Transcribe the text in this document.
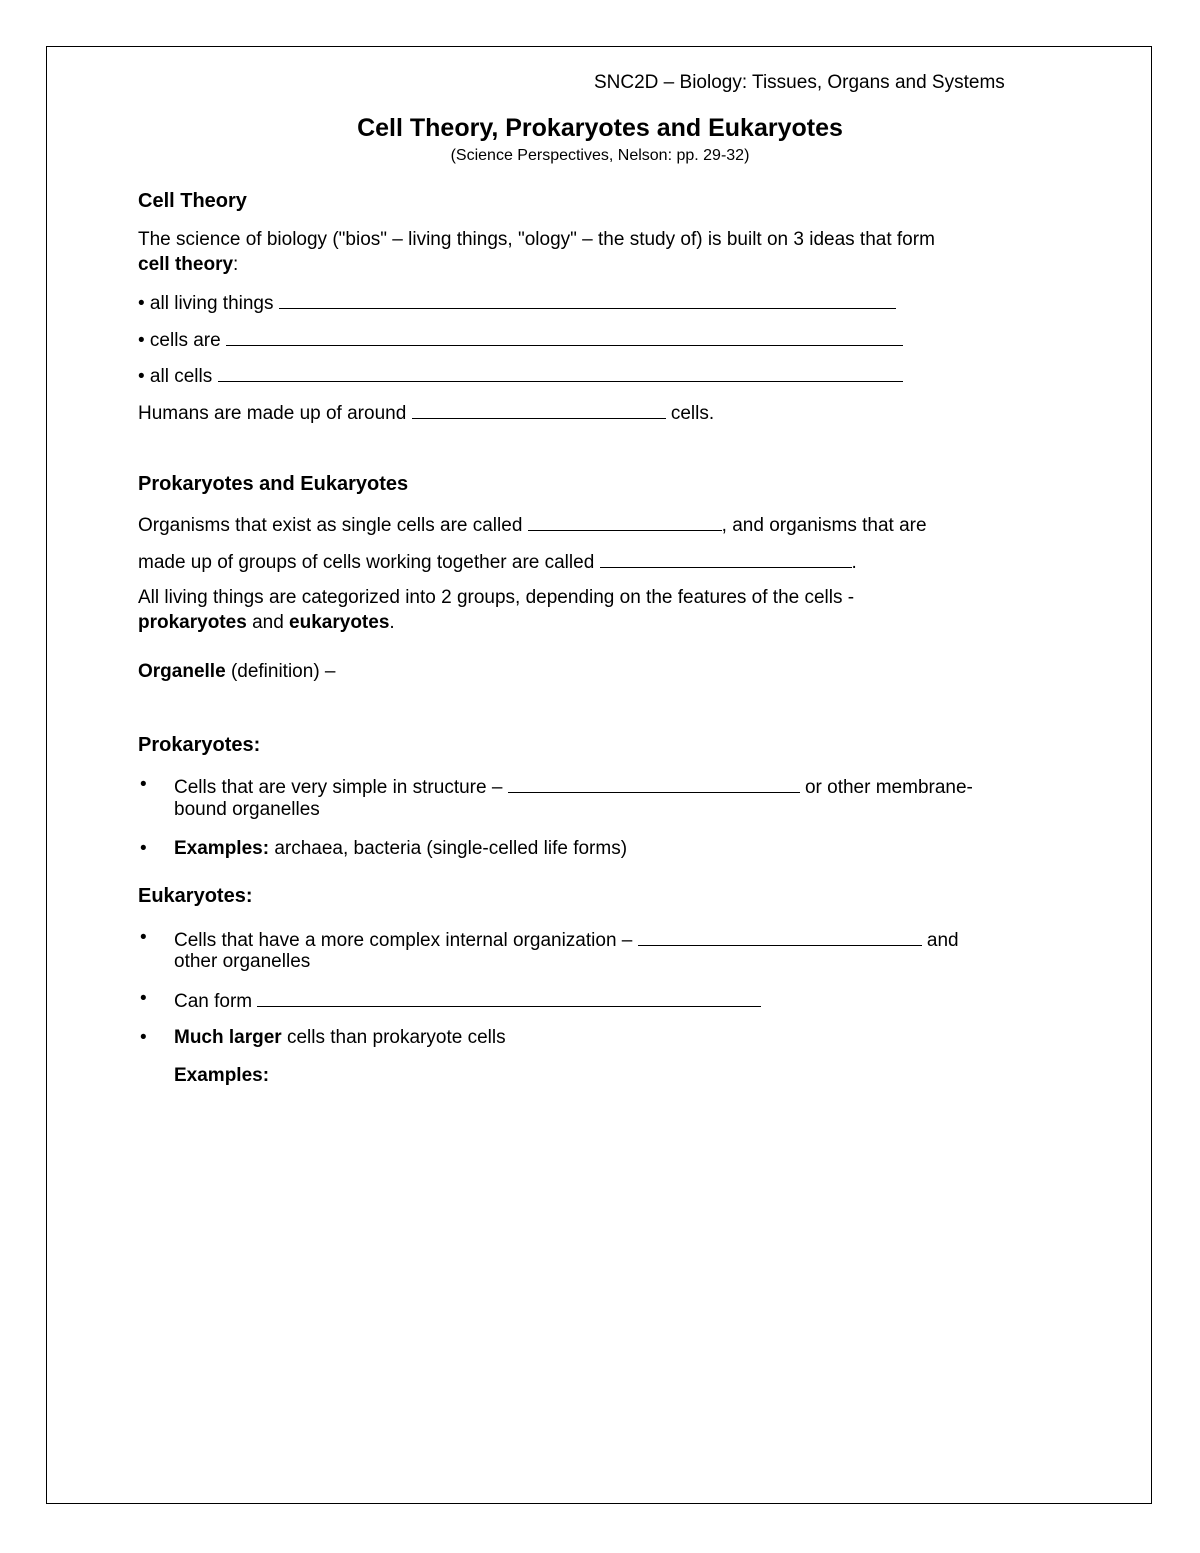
SNC2D – Biology: Tissues, Organs and Systems
Cell Theory, Prokaryotes and Eukaryotes
(Science Perspectives, Nelson: pp. 29-32)
Cell Theory
The science of biology ("bios" – living things, "ology" – the study of) is built on 3 ideas that form
cell theory:
• all living things
• cells are
• all cells
Humans are made up of around	cells.
Prokaryotes and Eukaryotes
Organisms that exist as single cells are called	, and organisms that are
made up of groups of cells working together are called	.
All living things are categorized into 2 groups, depending on the features of the cells -
prokaryotes and eukaryotes.
Organelle (definition) –
Prokaryotes:
• Cells that are very simple in structure –	or other membrane-
bound organelles
• Examples: archaea, bacteria (single-celled life forms)
Eukaryotes:
• Cells that have a more complex internal organization –	and
other organelles
• Can form
• Much larger cells than prokaryote cells
Examples:
